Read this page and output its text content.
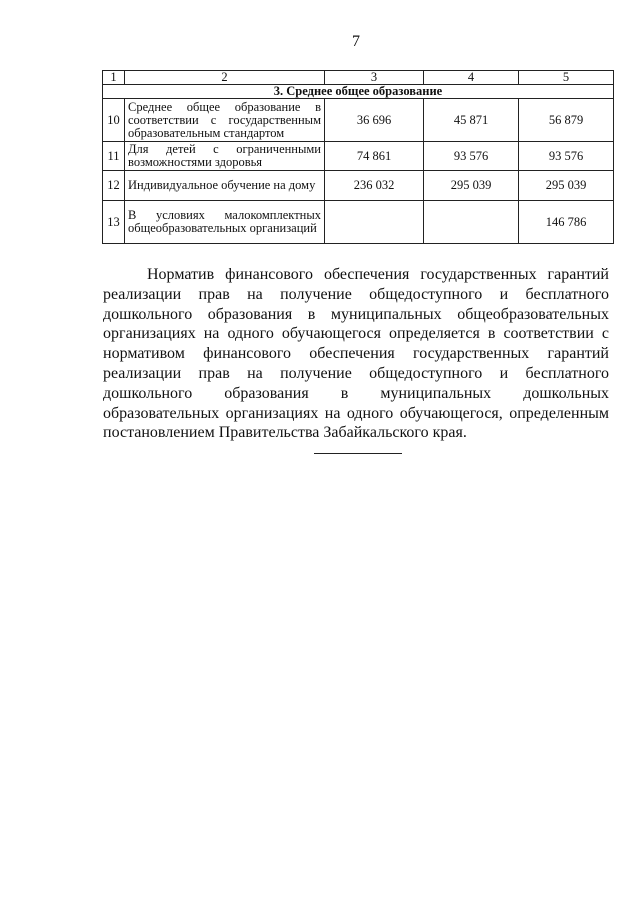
7
1	2	3	4	5
3. Среднее общее образование				
10	Среднее общее образование в соответствии с государственным образовательным стандартом	36 696	45 871	56 879
11	Для детей с ограниченными возможностями здоровья	74 861	93 576	93 576
12	Индивидуальное обучение на дому	236 032	295 039	295 039
13	В условиях малокомплектных общеобразовательных организаций			146 786

Норматив финансового обеспечения государственных гарантий реализации прав на получение общедоступного и бесплатного дошкольного образования в муниципальных общеобразовательных организациях на одного обучающегося определяется в соответствии с нормативом финансового обеспечения государственных гарантий реализации прав на получение общедоступного и бесплатного дошкольного образования в муниципальных дошкольных образовательных организациях на одного обучающегося, определенным постановлением Правительства Забайкальского края.
